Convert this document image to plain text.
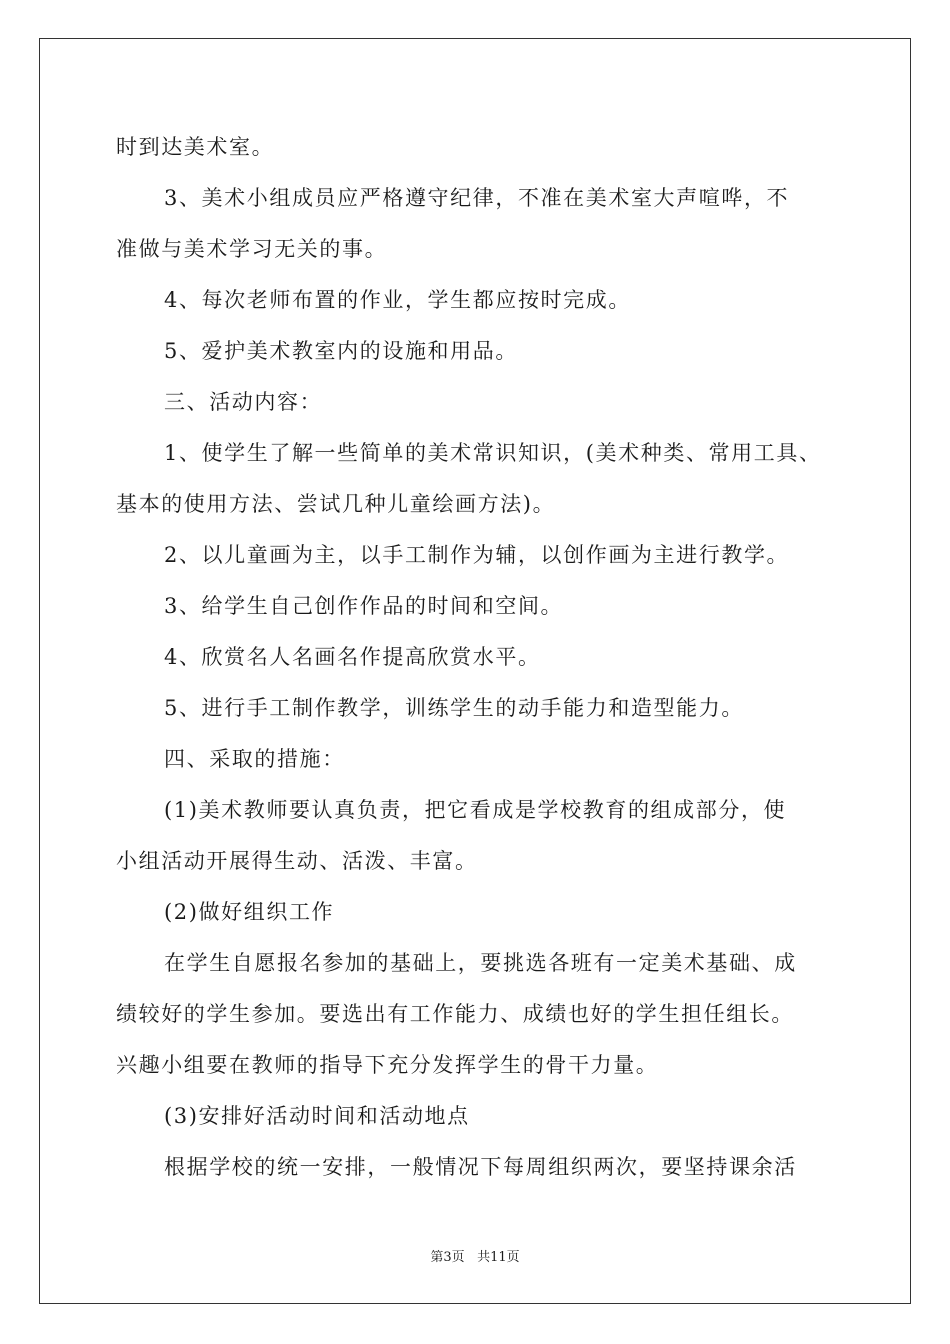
时到达美术室。
3、美术小组成员应严格遵守纪律，不准在美术室大声喧哗，不
准做与美术学习无关的事。
4、每次老师布置的作业，学生都应按时完成。
5、爱护美术教室内的设施和用品。
三、活动内容：
1、使学生了解一些简单的美术常识知识，(美术种类、常用工具、
基本的使用方法、尝试几种儿童绘画方法)。
2、以儿童画为主，以手工制作为辅，以创作画为主进行教学。
3、给学生自己创作作品的时间和空间。
4、欣赏名人名画名作提高欣赏水平。
5、进行手工制作教学，训练学生的动手能力和造型能力。
四、采取的措施：
(1)美术教师要认真负责，把它看成是学校教育的组成部分，使
小组活动开展得生动、活泼、丰富。
(2)做好组织工作
在学生自愿报名参加的基础上，要挑选各班有一定美术基础、成
绩较好的学生参加。要选出有工作能力、成绩也好的学生担任组长。
兴趣小组要在教师的指导下充分发挥学生的骨干力量。
(3)安排好活动时间和活动地点
根据学校的统一安排，一般情况下每周组织两次，要坚持课余活
第3页 共11页
